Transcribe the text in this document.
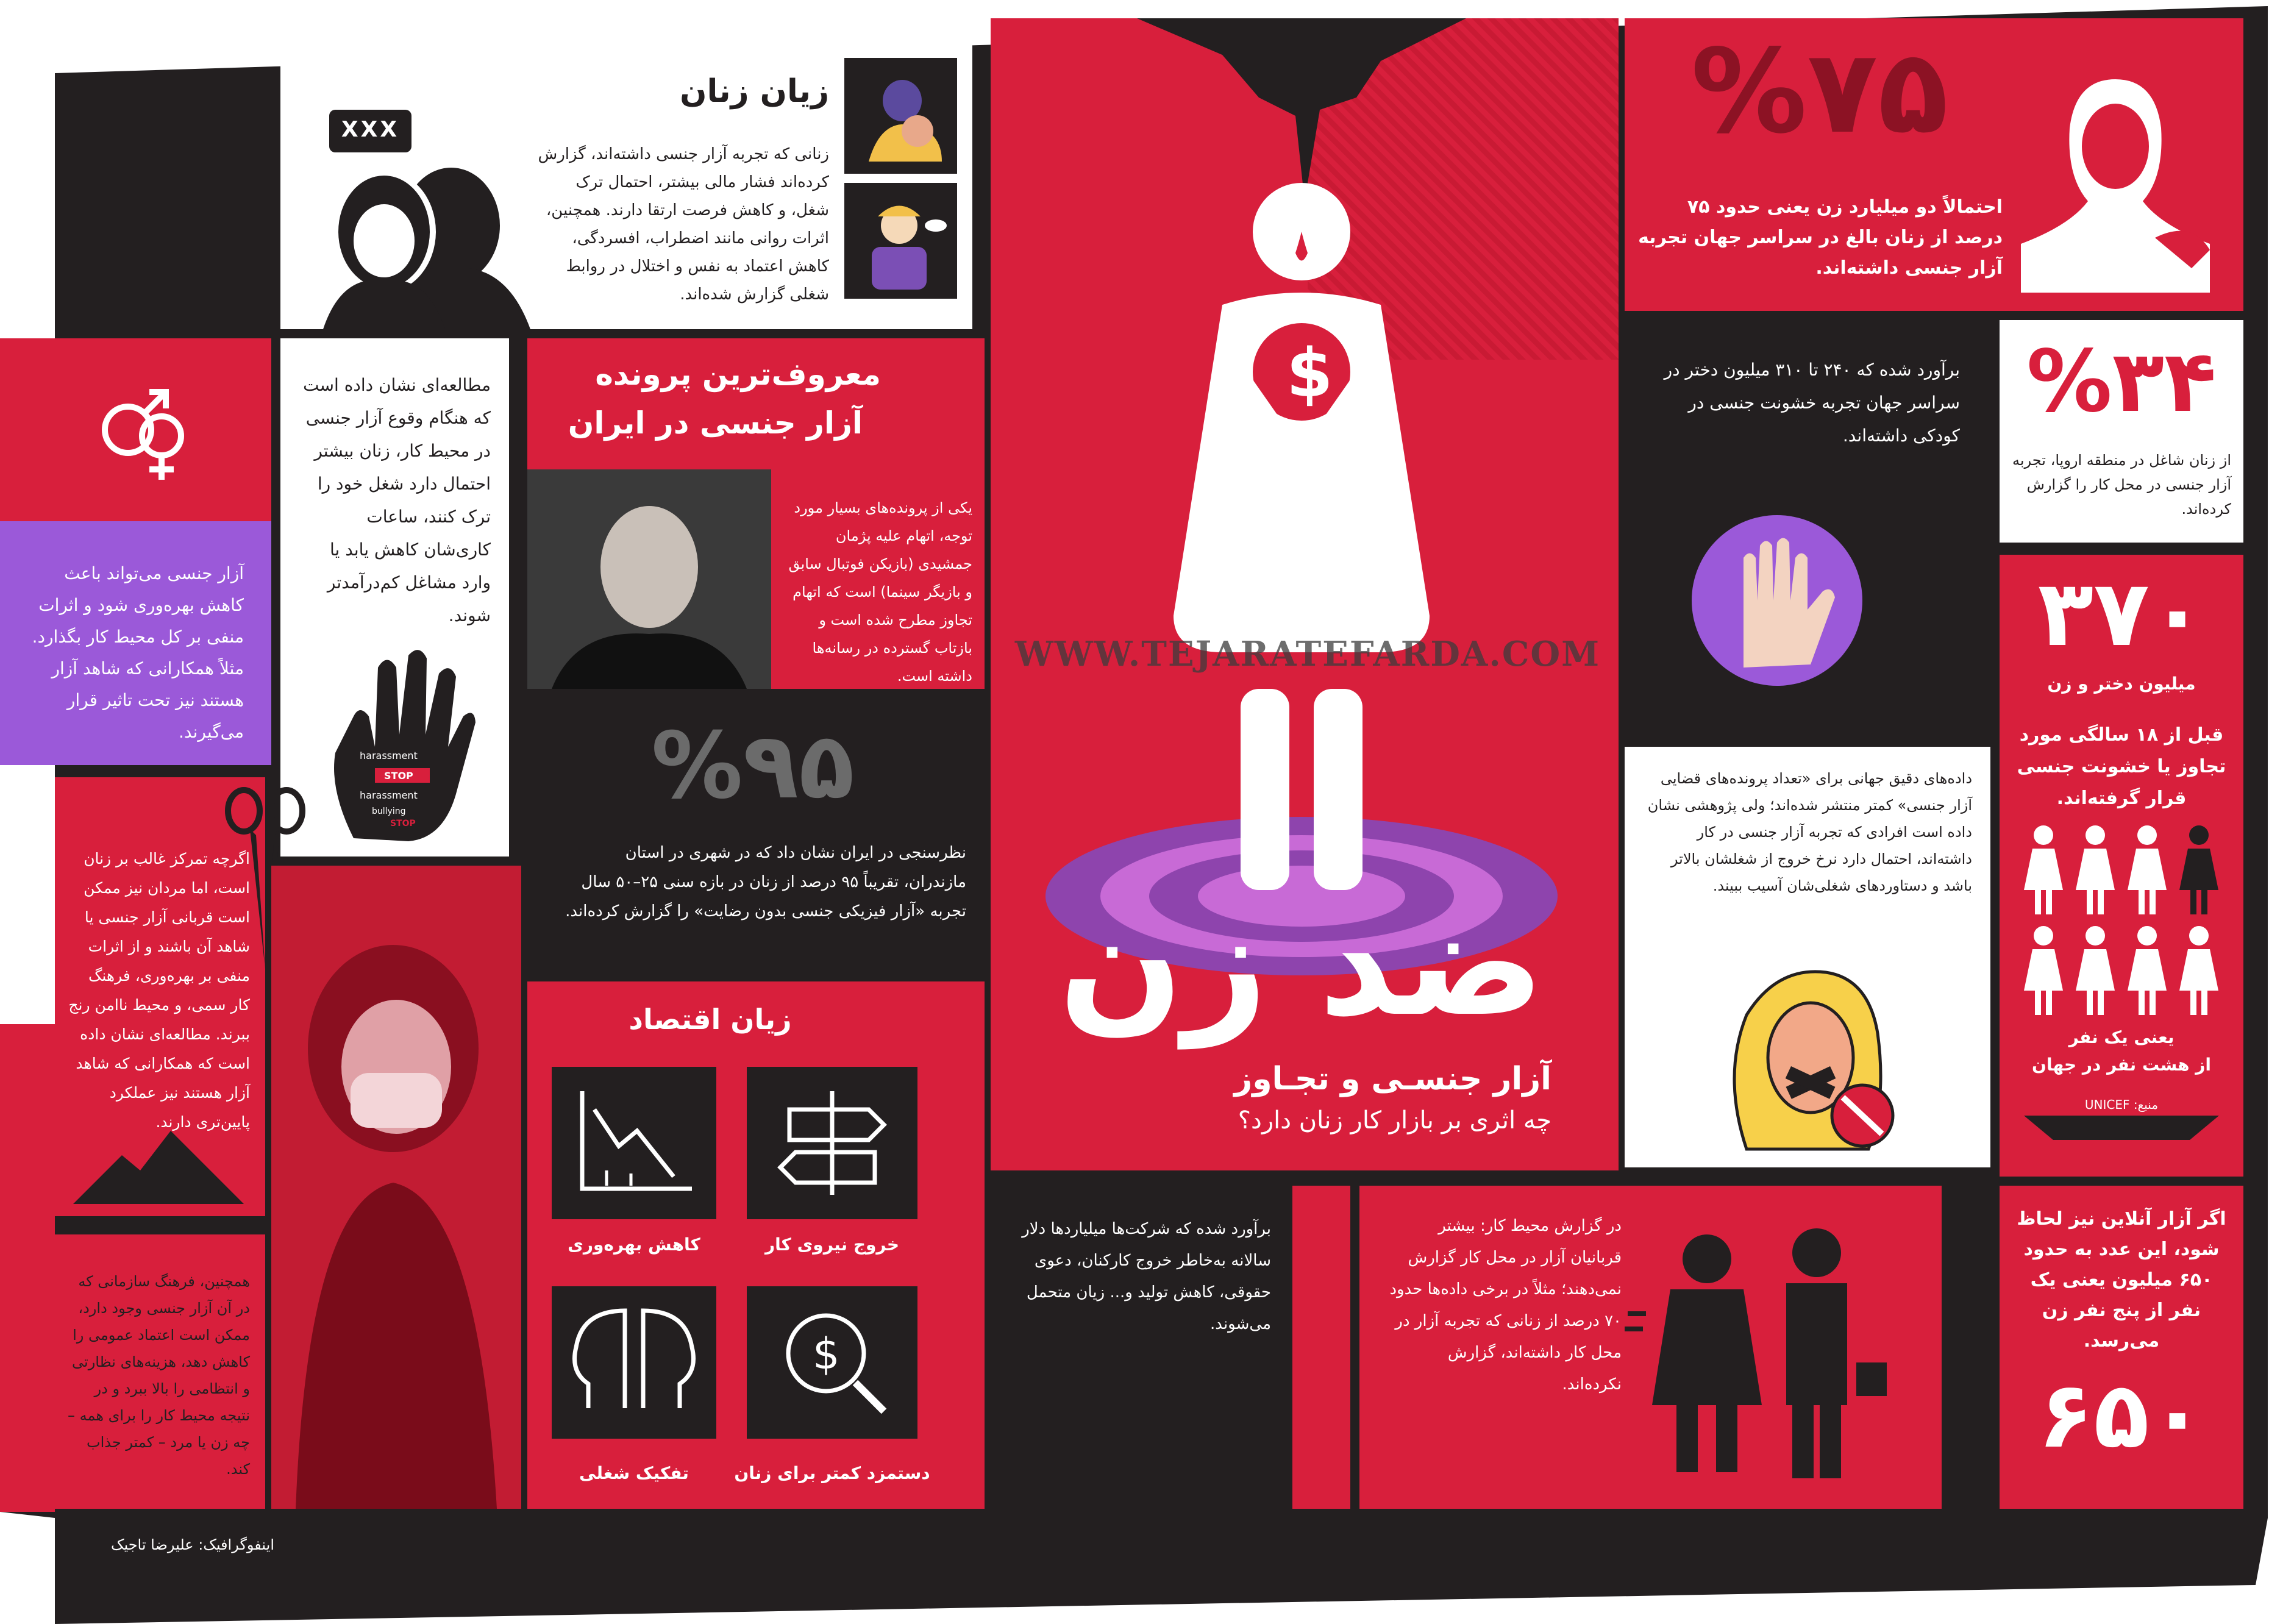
XXX
زیان زنان
زنانی که تجربه آزار جنسی داشته‌اند، گزارش کرده‌اند فشار مالی بیشتر، احتمال ترک شغل، و کاهش فرصت ارتقا دارند. همچنین، اثرات روانی مانند اضطراب، افسردگی، کاهش اعتماد به نفس و اختلال در روابط شغلی گزارش شده‌اند.
مطالعه‌ای نشان داده است که هنگام وقوع آزار جنسی در محیط کار، زنان بیشتر احتمال دارد شغل خود را ترک کنند، ساعات کاری‌شان کاهش یابد یا وارد مشاغل کم‌درآمدتر شوند.
harassment
STOP
harassment
bullying
STOP
آزار جنسی می‌تواند باعث کاهش بهره‌وری شود و اثرات منفی بر کل محیط کار بگذارد. مثلاً همکارانی که شاهد آزار هستند نیز تحت تاثیر قرار می‌گیرند.
معروف‌ترین پرونده
آزار جنسی در ایران
یکی از پرونده‌های بسیار مورد توجه، اتهام علیه پژمان جمشیدی (بازیکن فوتبال سابق و بازیگر سینما) است که اتهام تجاوز مطرح شده است و بازتاب گسترده در رسانه‌ها داشته است.
%۹۵
نظرسنجی در ایران نشان داد که در شهری در استان مازندران، تقریباً ۹۵ درصد از زنان در بازه سنی ۲۵–۵۰ سال تجربه «آزار فیزیکی جنسی بدون رضایت» را گزارش کرده‌اند.
اگرچه تمرکز غالب بر زنان است، اما مردان نیز ممکن است قربانی آزار جنسی یا شاهد آن باشند و از اثرات منفی بر بهره‌وری، فرهنگ کار سمی، و محیط ناامن رنج ببرند. مطالعه‌ای نشان داده است که همکارانی که شاهد آزار هستند نیز عملکرد پایین‌تری دارند.
همچنین، فرهنگ سازمانی که در آن آزار جنسی وجود دارد، ممکن است اعتماد عمومی را کاهش دهد، هزینه‌های نظارتی و انتظامی را بالا ببرد و در نتیجه محیط کار را برای همه – چه زن یا مرد – کمتر جذاب کند.
زیان اقتصاد
خروج نیروی کار
کاهش بهره‌وری
$
دستمزد کمتر برای زنان
تفکیک شغلی
$
ضد زن
آزار جنسـی و تجـاوز
چه اثری بر بازار کار زنان دارد؟
WWW.TEJARATEFARDA.COM
برآورد شده که شرکت‌ها میلیاردها دلار سالانه به‌خاطر خروج کارکنان، دعوی حقوقی، کاهش تولید و... زیان متحمل می‌شوند.
در گزارش محیط کار: بیشتر قربانیان آزار در محل کار گزارش نمی‌دهند؛ مثلاً در برخی داده‌ها حدود ۷۰ درصد از زنانی که تجربه آزار در محل کار داشته‌اند، گزارش نکرده‌اند.
%۷۵
احتمالاً دو میلیارد زن یعنی حدود ۷۵ درصد از زنان بالغ در سراسر جهان تجربه آزار جنسی داشته‌اند.
برآورد شده که ۲۴۰ تا ۳۱۰ میلیون دختر در سراسر جهان تجربه خشونت جنسی در کودکی داشته‌اند.
%۳۴
از زنان شاغل در منطقه اروپا، تجربه آزار جنسی در محل کار را گزارش کرده‌اند.
داده‌های دقیق جهانی برای «تعداد پرونده‌های قضایی آزار جنسی» کمتر منتشر شده‌اند؛ ولی پژوهشی نشان داده است افرادی که تجربه آزار جنسی در کار داشته‌اند، احتمال دارد نرخ خروج از شغلشان بالاتر باشد و دستاوردهای شغلی‌شان آسیب ببیند.
۳۷۰
میلیون دختر و زن
قبل از ۱۸ سالگی مورد تجاوز یا خشونت جنسی قرار گرفته‌اند.
یعنی یک نفر
از هشت نفر در جهان
منبع: UNICEF
اگر آزار آنلاین نیز لحاظ شود، این عدد به حدود ۶۵۰ میلیون یعنی یک نفر از پنج نفر زن می‌رسد.
۶۵۰
اینفوگرافیک: علیرضا تاجیک
